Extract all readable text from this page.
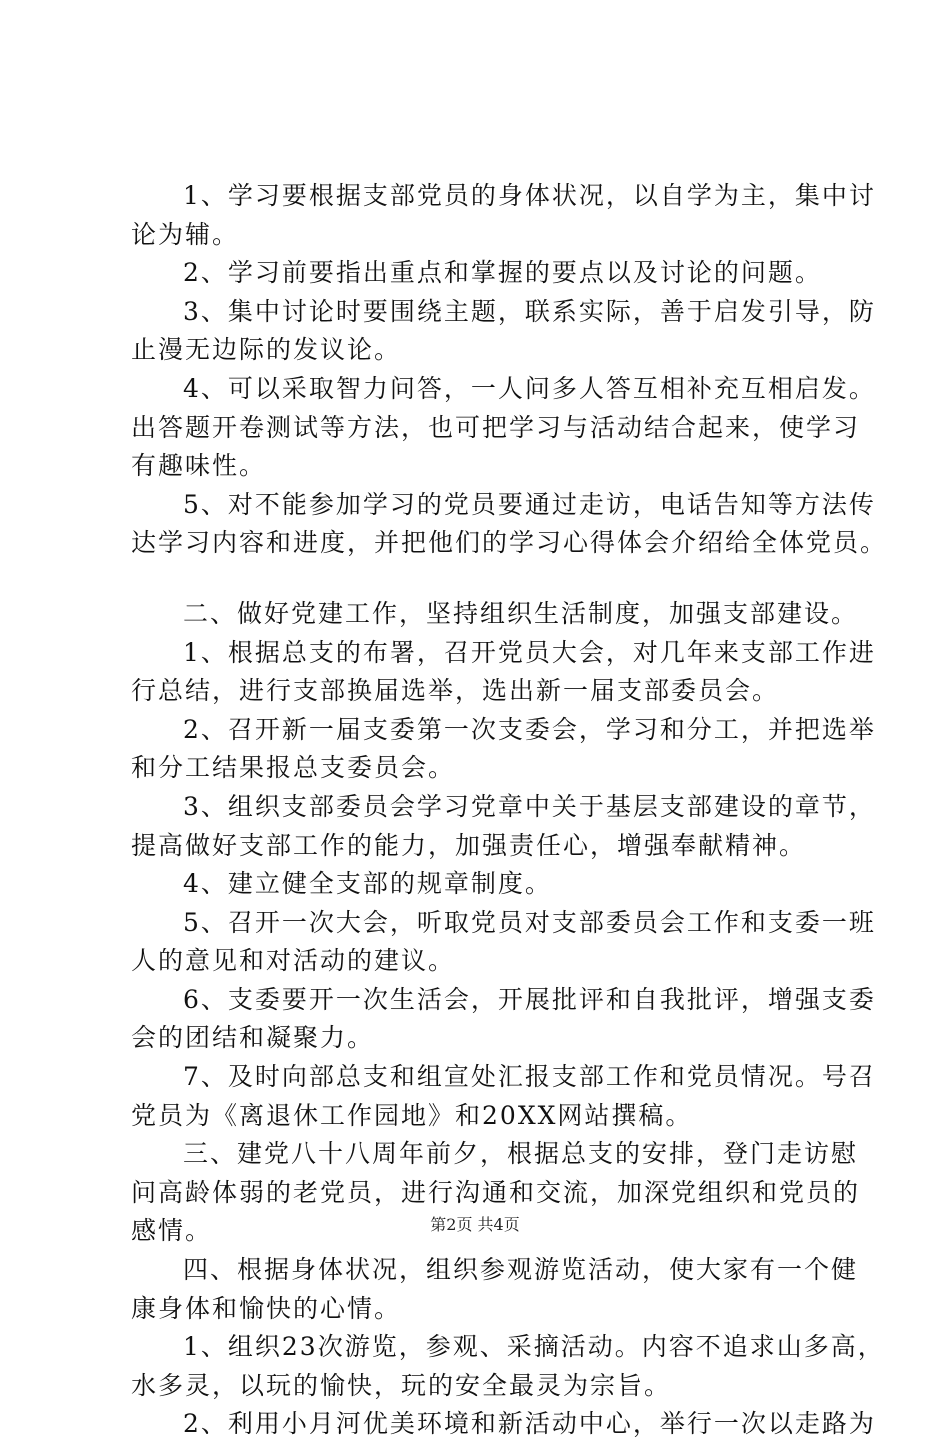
1、学习要根据支部党员的身体状况，以自学为主，集中讨
论为辅。
2、学习前要指出重点和掌握的要点以及讨论的问题。
3、集中讨论时要围绕主题，联系实际，善于启发引导，防
止漫无边际的发议论。
4、可以采取智力问答，一人问多人答互相补充互相启发。
出答题开卷测试等方法，也可把学习与活动结合起来，使学习
有趣味性。
5、对不能参加学习的党员要通过走访，电话告知等方法传
达学习内容和进度，并把他们的学习心得体会介绍给全体党员。
二、做好党建工作，坚持组织生活制度，加强支部建设。
1、根据总支的布署，召开党员大会，对几年来支部工作进
行总结，进行支部换届选举，选出新一届支部委员会。
2、召开新一届支委第一次支委会，学习和分工，并把选举
和分工结果报总支委员会。
3、组织支部委员会学习党章中关于基层支部建设的章节，
提高做好支部工作的能力，加强责任心，增强奉献精神。
4、建立健全支部的规章制度。
5、召开一次大会，听取党员对支部委员会工作和支委一班
人的意见和对活动的建议。
6、支委要开一次生活会，开展批评和自我批评，增强支委
会的团结和凝聚力。
7、及时向部总支和组宣处汇报支部工作和党员情况。号召
党员为《离退休工作园地》和20XX网站撰稿。
三、建党八十八周年前夕，根据总支的安排，登门走访慰
问高龄体弱的老党员，进行沟通和交流，加深党组织和党员的
感情。
四、根据身体状况，组织参观游览活动，使大家有一个健
康身体和愉快的心情。
1、组织23次游览，参观、采摘活动。内容不追求山多高，
水多灵，以玩的愉快，玩的安全最灵为宗旨。
2、利用小月河优美环境和新活动中心，举行一次以走路为
第2页 共4页
